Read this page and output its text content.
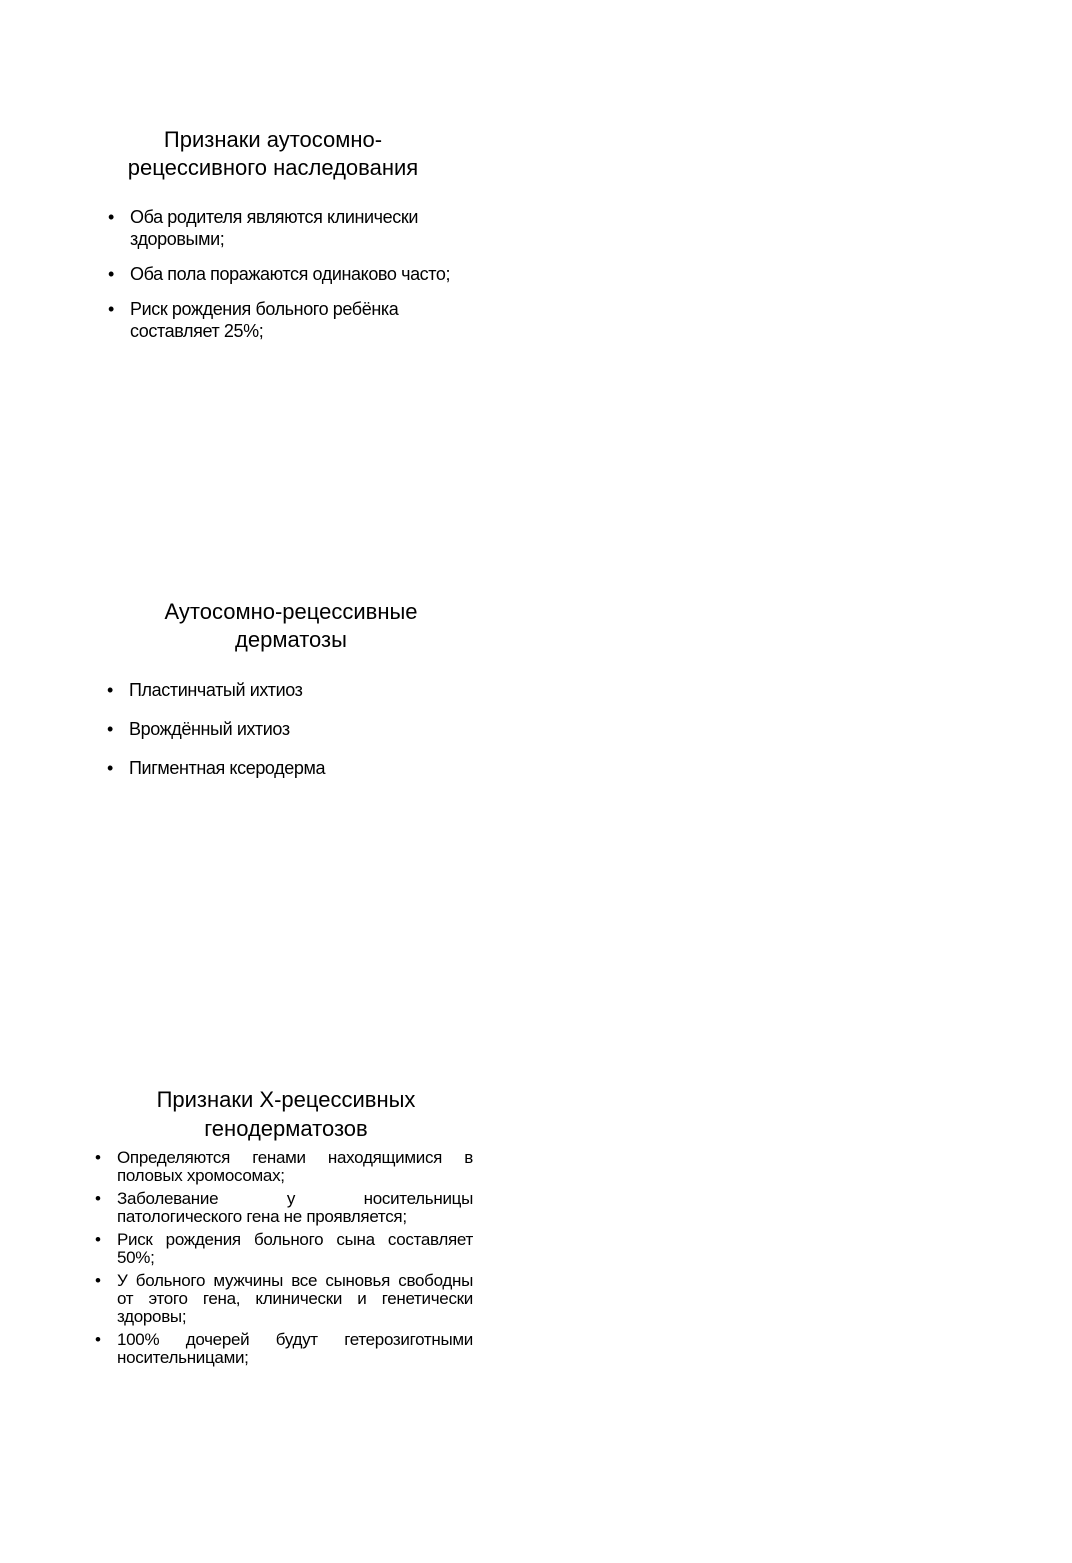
Признаки аутосомно-
рецессивного наследования
• Оба родителя являются клинически здоровыми;
• Оба пола поражаются одинаково часто;
• Риск рождения больного ребёнка составляет 25%;
Аутосомно-рецессивные
дерматозы
• Пластинчатый ихтиоз
• Врождённый ихтиоз
• Пигментная ксеродерма
Признаки Х-рецессивных
генодерматозов
• Определяются генами находящимися в половых хромосомах;
• Заболевание у носительницы патологического гена не проявляется;
• Риск рождения больного сына составляет 50%;
• У больного мужчины все сыновья свободны от этого гена, клинически и генетически здоровы;
• 100% дочерей будут гетерозиготными носительницами;
